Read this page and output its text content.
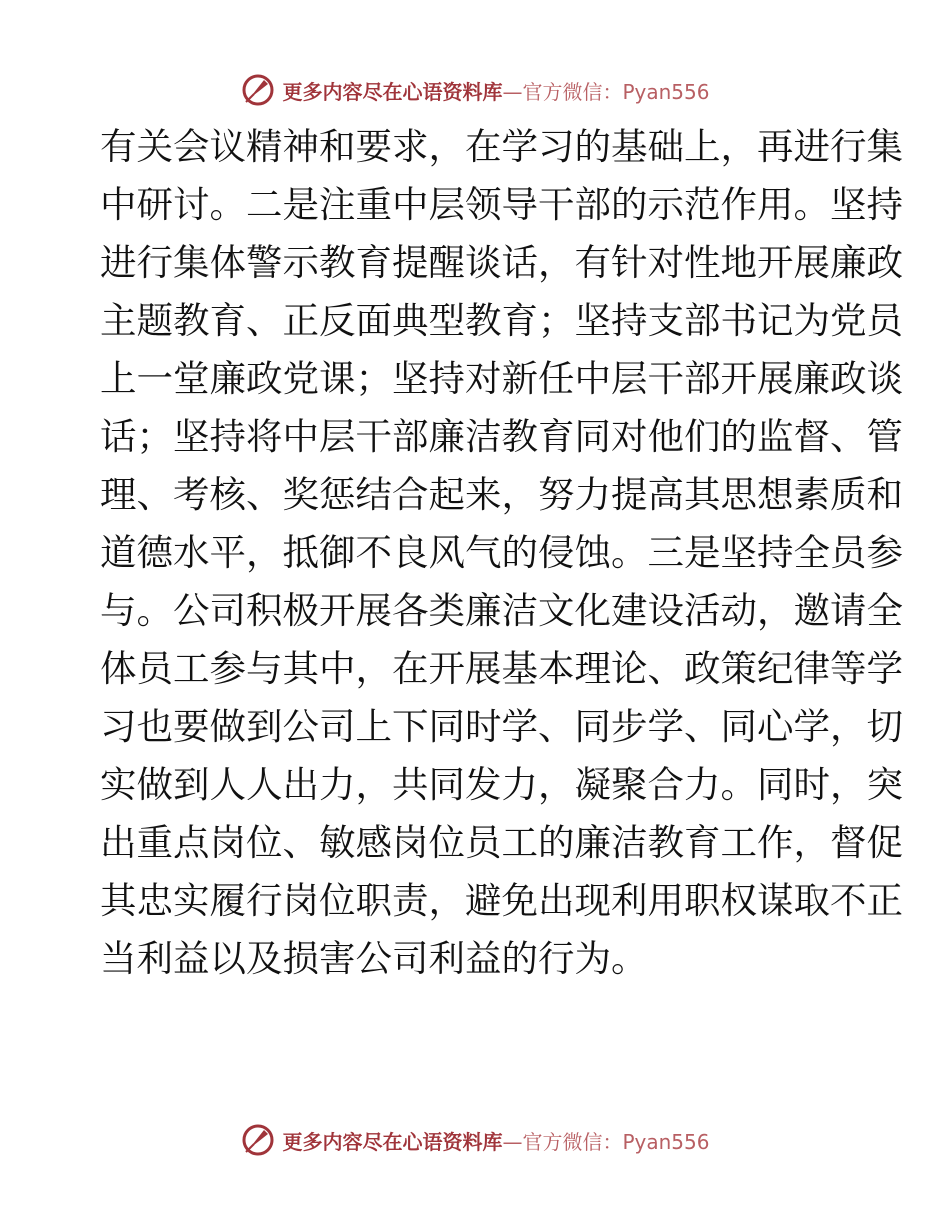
更多内容尽在心语资料库 —官方微信：Pyan556
有关会议精神和要求，在学习的基础上，再进行集
中研讨。二是注重中层领导干部的示范作用。坚持
进行集体警示教育提醒谈话，有针对性地开展廉政
主题教育、正反面典型教育；坚持支部书记为党员
上一堂廉政党课；坚持对新任中层干部开展廉政谈
话；坚持将中层干部廉洁教育同对他们的监督、管
理、考核、奖惩结合起来，努力提高其思想素质和
道德水平，抵御不良风气的侵蚀。三是坚持全员参
与。公司积极开展各类廉洁文化建设活动，邀请全
体员工参与其中，在开展基本理论、政策纪律等学
习也要做到公司上下同时学、同步学、同心学，切
实做到人人出力，共同发力，凝聚合力。同时，突
出重点岗位、敏感岗位员工的廉洁教育工作，督促
其忠实履行岗位职责，避免出现利用职权谋取不正
当利益以及损害公司利益的行为。
更多内容尽在心语资料库 —官方微信：Pyan556
